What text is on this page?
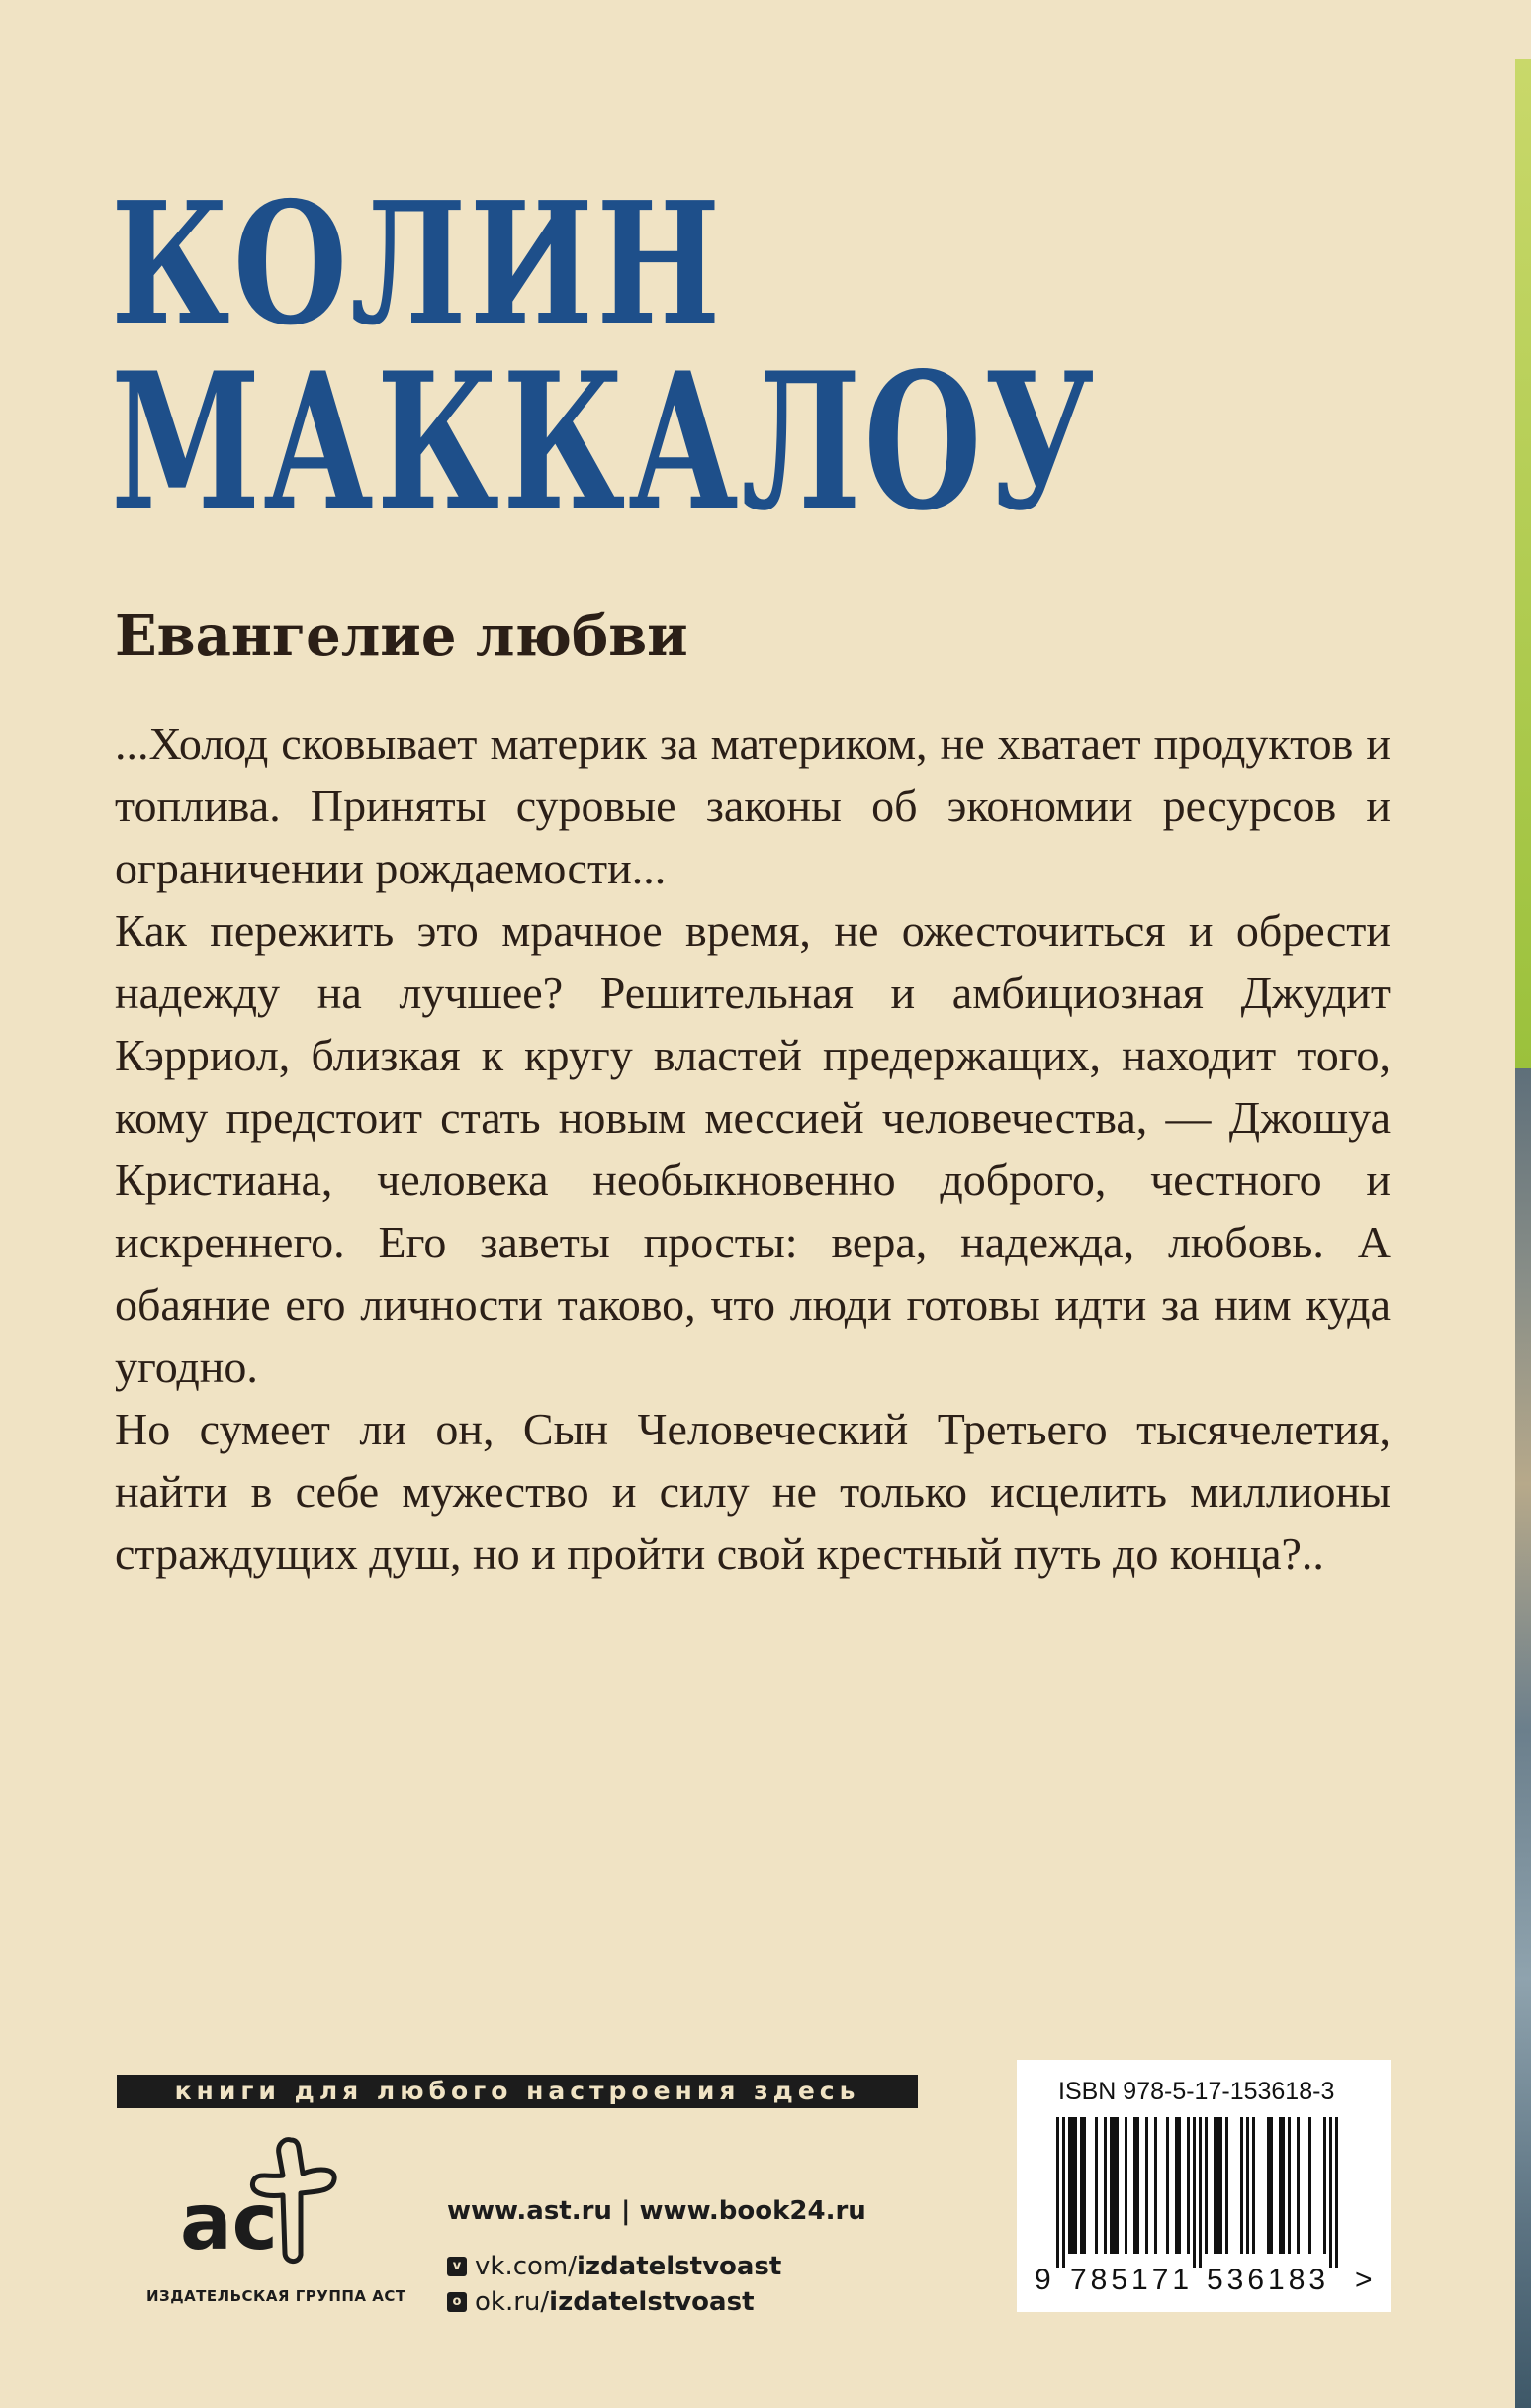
КОЛИН
МАККАЛОУ
Евангелие любви

...Холод сковывает материк за материком, не хватает продуктов и топлива. Приняты суровые законы об экономии ресурсов и ограничении рождаемости...

Как пережить это мрачное время, не ожесточиться и обрести надежду на лучшее? Решительная и амбициозная Джудит Кэрриол, близкая к кругу властей предержащих, находит того, кому предстоит стать новым мессией человечества, — Джошуа Кристиана, человека необыкновенно доброго, честного и искреннего. Его заветы просты: вера, надежда, любовь. А обаяние его личности таково, что люди готовы идти за ним куда угодно.

Но сумеет ли он, Сын Человеческий Третьего тысячелетия, найти в себе мужество и силу не только исцелить миллионы страждущих душ, но и пройти свой крестный путь до конца?..

книги для любого настроения здесь
ac
ИЗДАТЕЛЬСКАЯ ГРУППА АСТ
www.ast.ru | www.book24.ru
v vk.com/ izdatelstvoast
o ok.ru/ izdatelstvoast
ISBN 978-5-17-153618-3
9 785171 536183 >
